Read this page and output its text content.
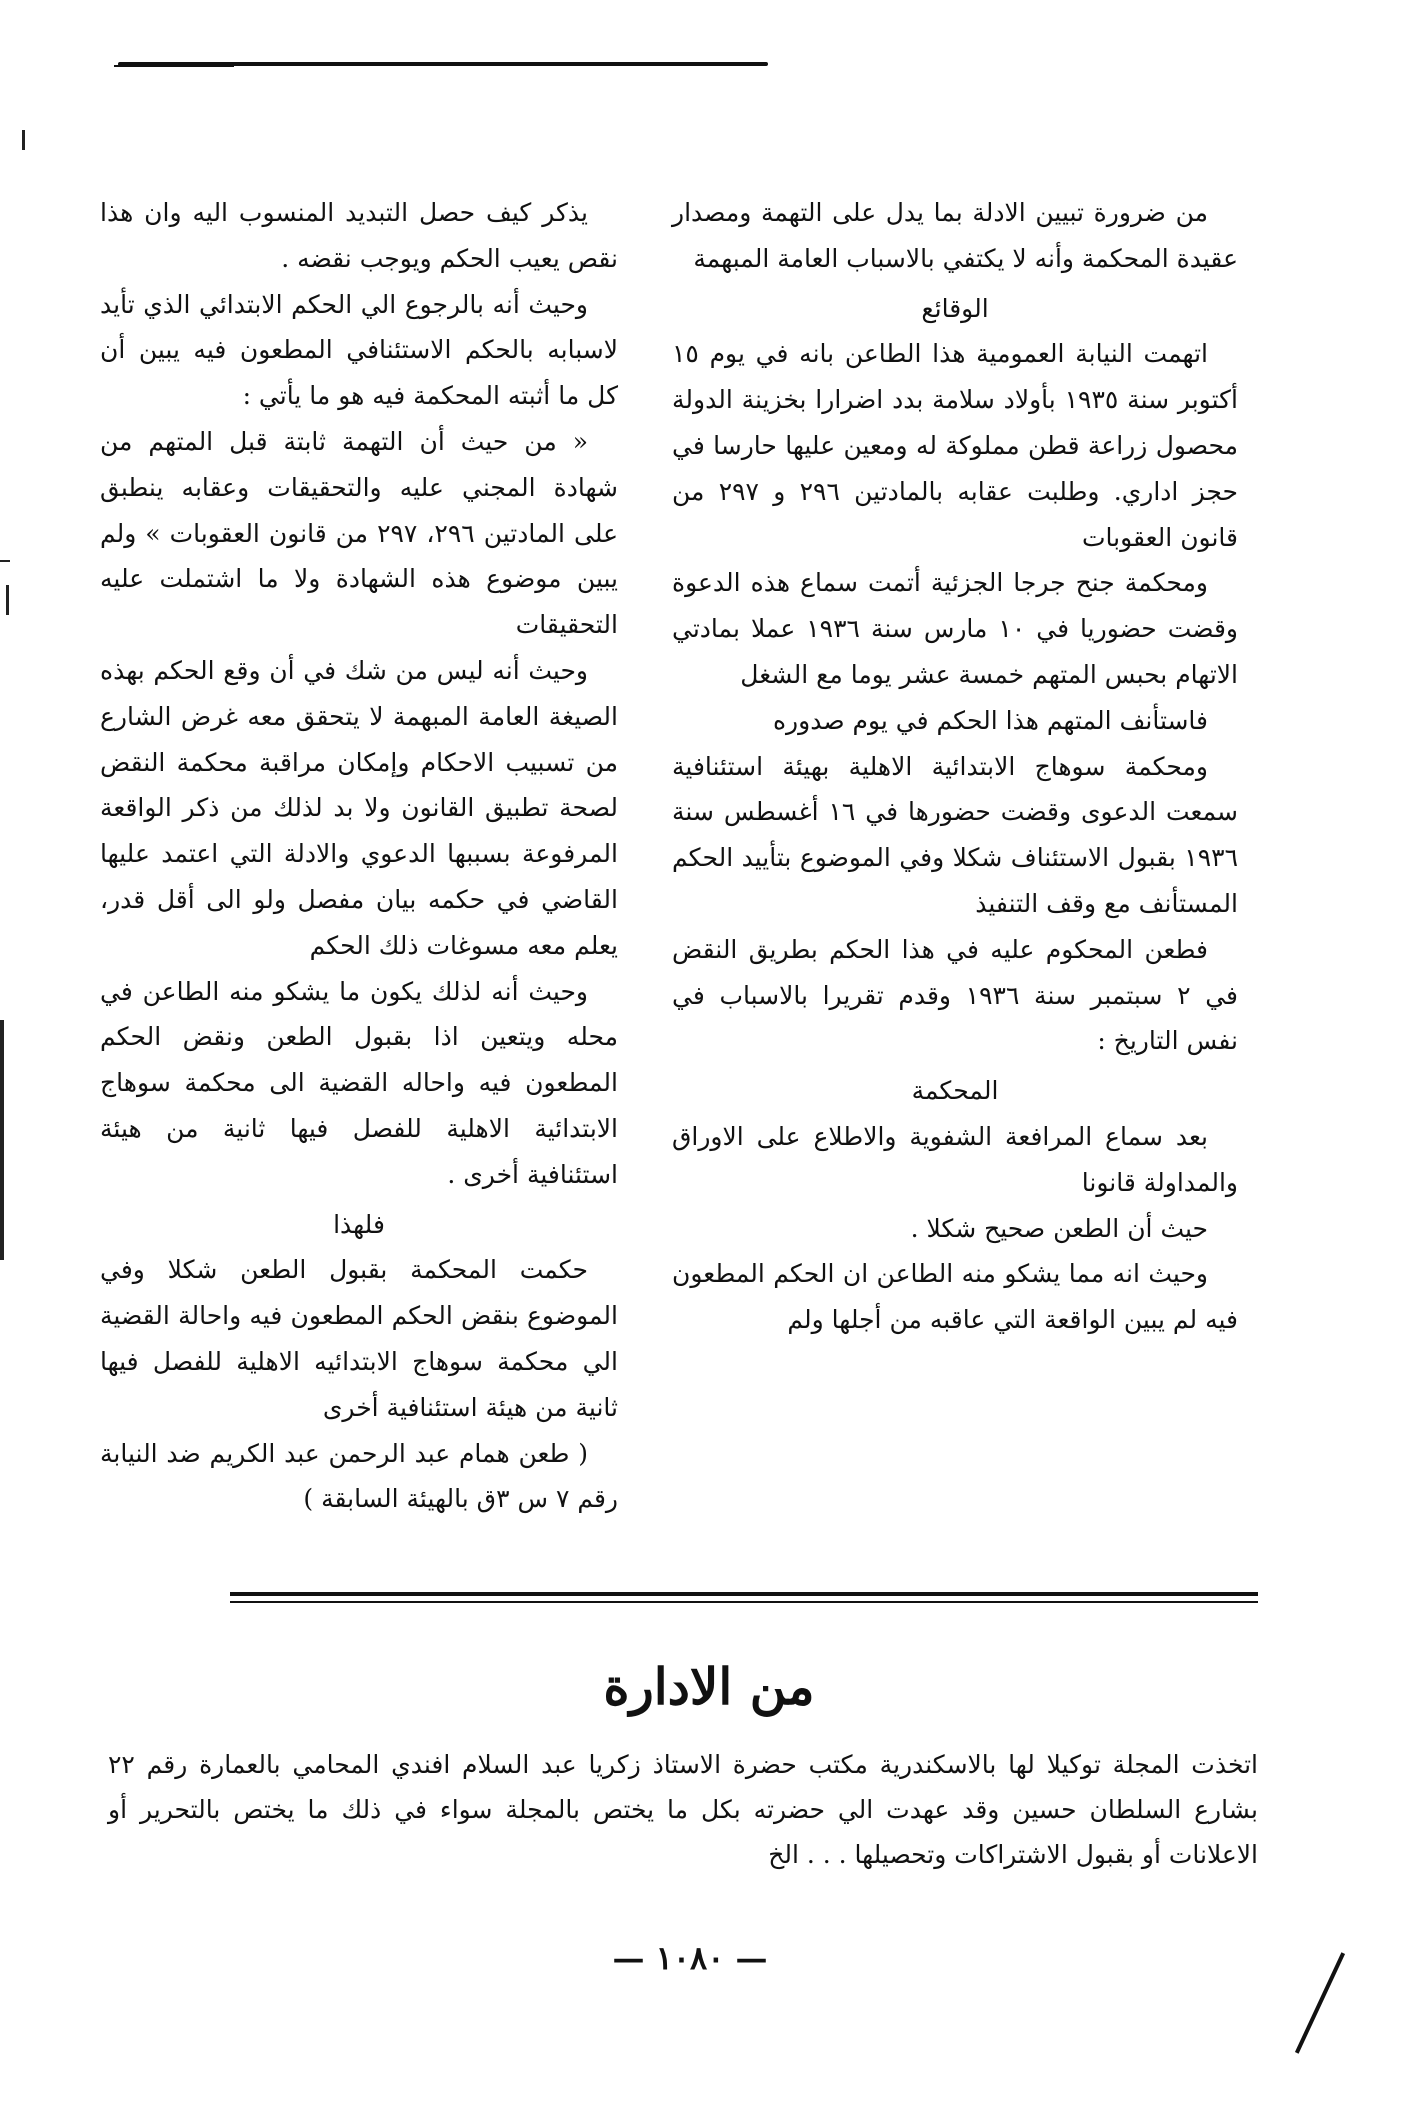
من ضرورة تبيين الادلة بما يدل على التهمة ومصدار عقيدة المحكمة وأنه لا يكتفي بالاسباب العامة المبهمة

الوقائع

اتهمت النيابة العمومية هذا الطاعن بانه في يوم ١٥ أكتوبر سنة ١٩٣٥ بأولاد سلامة بدد اضرارا بخزينة الدولة محصول زراعة قطن مملوكة له ومعين عليها حارسا في حجز اداري. وطلبت عقابه بالمادتين ٢٩٦ و ٢٩٧ من قانون العقوبات

ومحكمة جنح جرجا الجزئية أتمت سماع هذه الدعوة وقضت حضوريا في ١٠ مارس سنة ١٩٣٦ عملا بمادتي الاتهام بحبس المتهم خمسة عشر يوما مع الشغل

فاستأنف المتهم هذا الحكم في يوم صدوره

ومحكمة سوهاج الابتدائية الاهلية بهيئة استئنافية سمعت الدعوى وقضت حضورها في ١٦ أغسطس سنة ١٩٣٦ بقبول الاستئناف شكلا وفي الموضوع بتأييد الحكم المستأنف مع وقف التنفيذ

فطعن المحكوم عليه في هذا الحكم بطريق النقض في ٢ سبتمبر سنة ١٩٣٦ وقدم تقريرا بالاسباب في نفس التاريخ :

المحكمة

بعد سماع المرافعة الشفوية والاطلاع على الاوراق والمداولة قانونا

حيث أن الطعن صحيح شكلا .

وحيث انه مما يشكو منه الطاعن ان الحكم المطعون فيه لم يبين الواقعة التي عاقبه من أجلها ولم

يذكر كيف حصل التبديد المنسوب اليه وان هذا نقص يعيب الحكم ويوجب نقضه .

وحيث أنه بالرجوع الي الحكم الابتدائي الذي تأيد لاسبابه بالحكم الاستئنافي المطعون فيه يبين أن كل ما أثبته المحكمة فيه هو ما يأتي :

« من حيث أن التهمة ثابتة قبل المتهم من شهادة المجني عليه والتحقيقات وعقابه ينطبق على المادتين ٢٩٦، ٢٩٧ من قانون العقوبات » ولم يبين موضوع هذه الشهادة ولا ما اشتملت عليه التحقيقات

وحيث أنه ليس من شك في أن وقع الحكم بهذه الصيغة العامة المبهمة لا يتحقق معه غرض الشارع من تسبيب الاحكام وإمكان مراقبة محكمة النقض لصحة تطبيق القانون ولا بد لذلك من ذكر الواقعة المرفوعة بسببها الدعوي والادلة التي اعتمد عليها القاضي في حكمه بيان مفصل ولو الى أقل قدر، يعلم معه مسوغات ذلك الحكم

وحيث أنه لذلك يكون ما يشكو منه الطاعن في محله ويتعين اذا بقبول الطعن ونقض الحكم المطعون فيه واحاله القضية الى محكمة سوهاج الابتدائية الاهلية للفصل فيها ثانية من هيئة استئنافية أخرى .

فلهذا

حكمت المحكمة بقبول الطعن شكلا وفي الموضوع بنقض الحكم المطعون فيه واحالة القضية الي محكمة سوهاج الابتدائيه الاهلية للفصل فيها ثانية من هيئة استئنافية أخرى

( طعن همام عبد الرحمن عبد الكريم ضد النيابة رقم ٧ س ٣ق بالهيئة السابقة )

من الادارة
اتخذت المجلة توكيلا لها بالاسكندرية مكتب حضرة الاستاذ زكريا عبد السلام افندي المحامي بالعمارة رقم ٢٢ بشارع السلطان حسين وقد عهدت الي حضرته بكل ما يختص بالمجلة سواء في ذلك ما يختص بالتحرير أو الاعلانات أو بقبول الاشتراكات وتحصيلها . . . الخ
— ١٠٨٠ —
